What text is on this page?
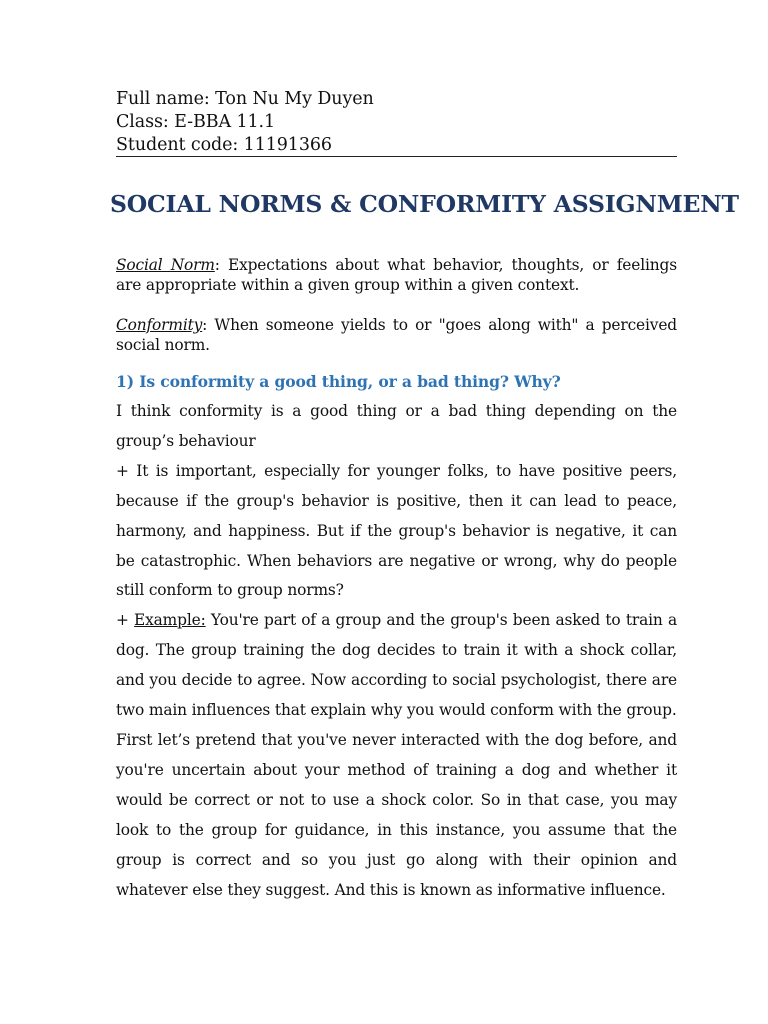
Full name: Ton Nu My Duyen
Class: E-BBA 11.1
Student code: 11191366
SOCIAL NORMS & CONFORMITY ASSIGNMENT

Social Norm: Expectations about what behavior, thoughts, or feelings are appropriate within a given group within a given context.

Conformity: When someone yields to or "goes along with" a perceived social norm.

1) Is conformity a good thing, or a bad thing? Why?

I think conformity is a good thing or a bad thing depending on the group’s behaviour

+ It is important, especially for younger folks, to have positive peers, because if the group's behavior is positive, then it can lead to peace, harmony, and happiness. But if the group's behavior is negative, it can be catastrophic. When behaviors are negative or wrong, why do people still conform to group norms?

+ Example: You're part of a group and the group's been asked to train a dog. The group training the dog decides to train it with a shock collar, and you decide to agree. Now according to social psychologist, there are two main influences that explain why you would conform with the group.

First let’s pretend that you've never interacted with the dog before, and you're uncertain about your method of training a dog and whether it would be correct or not to use a shock color. So in that case, you may look to the group for guidance, in this instance, you assume that the group is correct and so you just go along with their opinion and whatever else they suggest. And this is known as informative influence.
